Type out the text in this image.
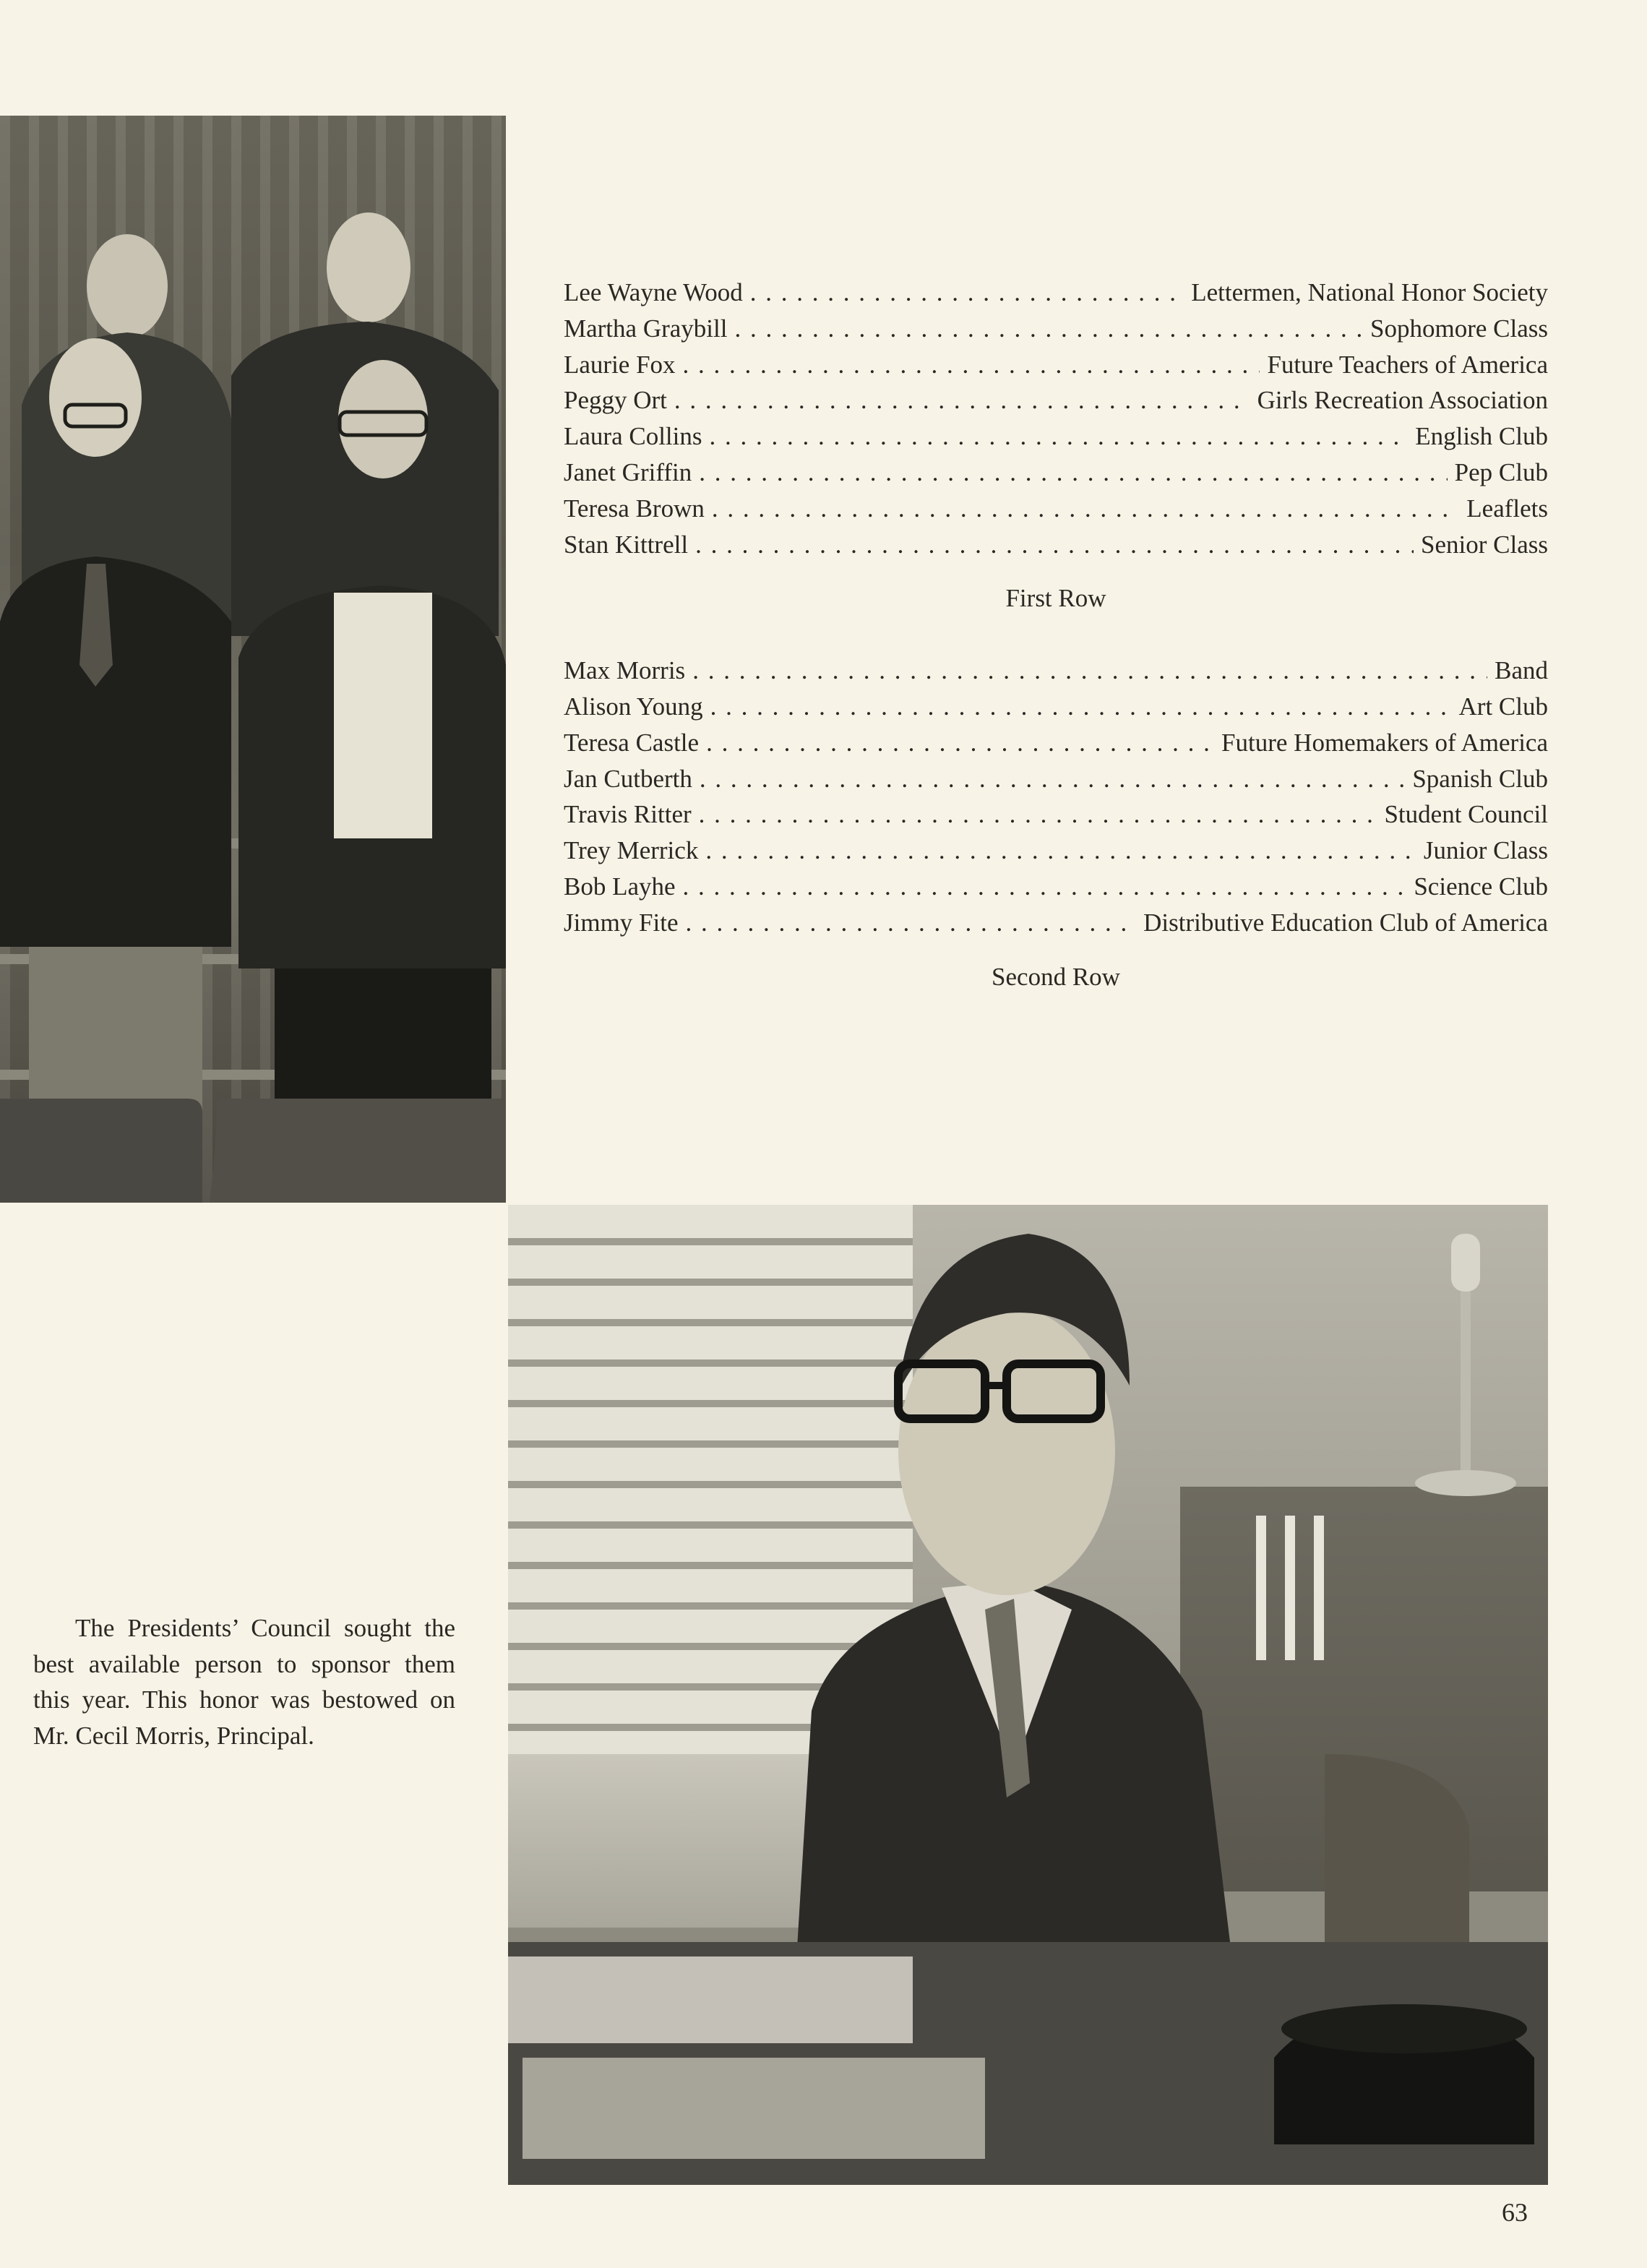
Lee Wayne Wood . . .	Lettermen, National Honor Society
Martha Graybill . . .	Sophomore Class
Laurie Fox . . .	Future Teachers of America
Peggy Ort . . .	Girls Recreation Association
Laura Collins . . .	English Club
Janet Griffin . . .	Pep Club
Teresa Brown . . .	Leaflets
Stan Kittrell . . .	Senior Class
First Row
Max Morris . . .	Band
Alison Young . . .	Art Club
Teresa Castle . . .	Future Homemakers of America
Jan Cutberth . . .	Spanish Club
Travis Ritter . . .	Student Council
Trey Merrick . . .	Junior Class
Bob Layhe . . .	Science Club
Jimmy Fite . . .	Distributive Education Club of America
Second Row

The Presidents’ Council sought the best available person to sponsor them this year. This honor was bestowed on Mr. Cecil Morris, Principal.

63
